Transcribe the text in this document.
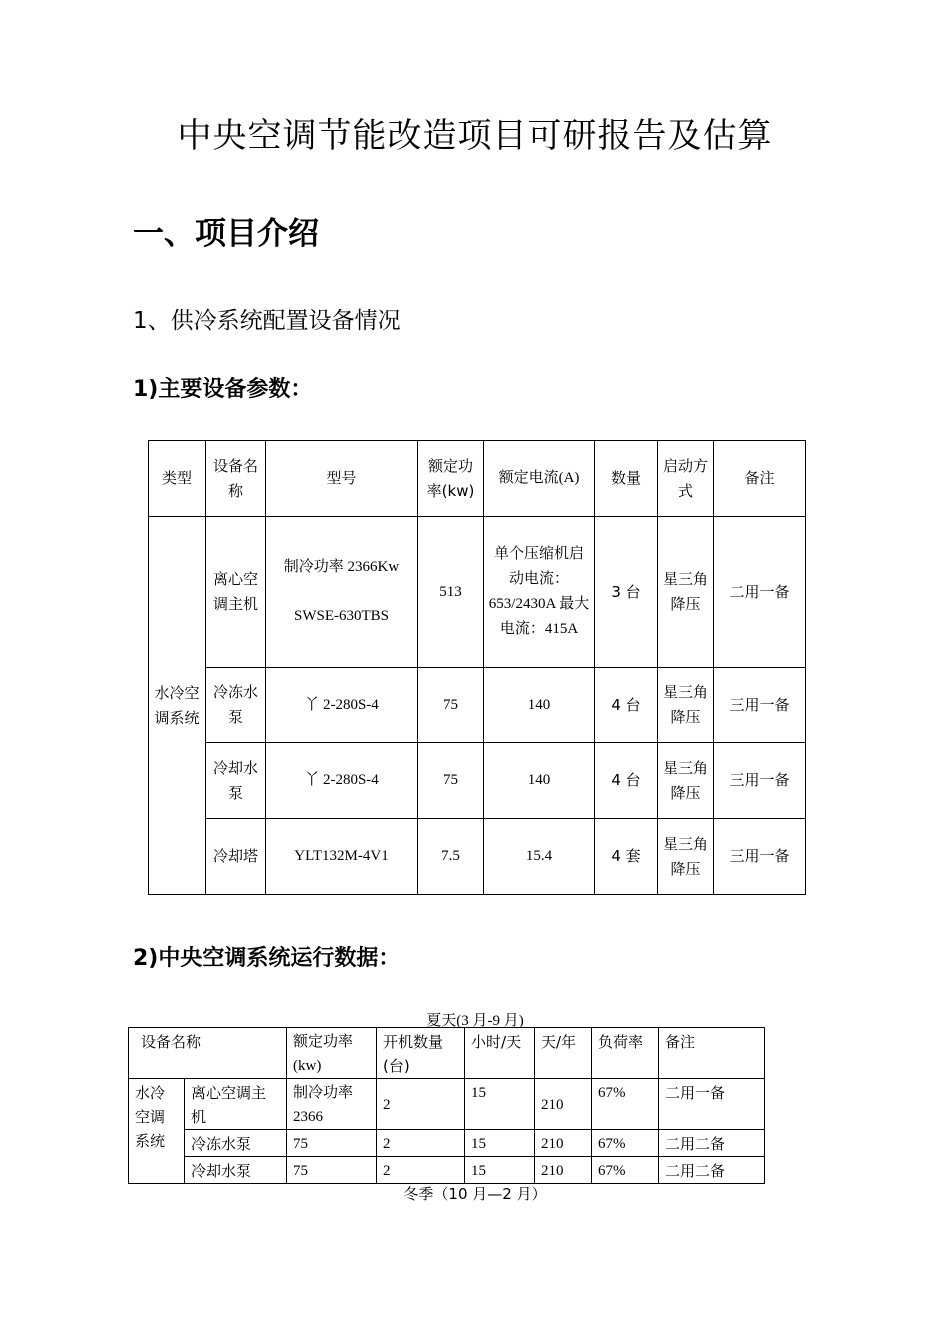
中央空调节能改造项目可研报告及估算
一、项目介绍
1、供冷系统配置设备情况
1)主要设备参数：
类型	设备名称	型号	额定功率(kw)	额定电流(A)	数量	启动方式	备注
水冷空调系统	离心空调主机	制冷功率 2366Kw
SWSE-630TBS	513	单个压缩机启动电流：653/2430A 最大电流：415A	3 台	星三角降压	二用一备
	冷冻水泵	丫 2-280S-4	75	140	4 台	星三角降压	三用一备
	冷却水泵	丫 2-280S-4	75	140	4 台	星三角降压	三用一备
	冷却塔	YLT132M-4V1	7.5	15.4	4 套	星三角降压	三用一备
2)中央空调系统运行数据：
夏天(3 月-9 月)
设备名称		额定功率(kw)	开机数量(台)	小时/天	天/年	负荷率	备注
水冷空调系统	离心空调主机	制冷功率 2366	2	15	210	67%	二用一备
	冷冻水泵	75	2	15	210	67%	二用二备
	冷却水泵	75	2	15	210	67%	二用二备
冬季（10 月—2 月）
